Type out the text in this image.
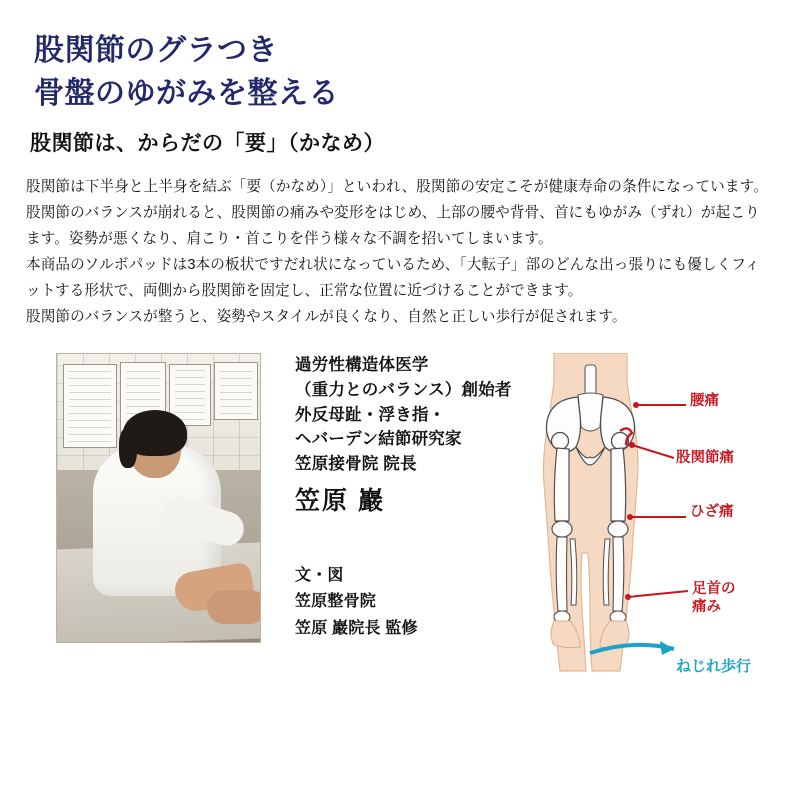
股関節のグラつき
骨盤のゆがみを整える
股関節は、からだの「要」（かなめ）

股関節は下半身と上半身を結ぶ「要（かなめ）」といわれ、股関節の安定こそが健康寿命の条件になっています。

股関節のバランスが崩れると、股関節の痛みや変形をはじめ、上部の腰や背骨、首にもゆがみ（ずれ）が起こります。姿勢が悪くなり、肩こり・首こりを伴う様々な不調を招いてしまいます。

本商品のソルボパッドは3本の板状ですだれ状になっているため、「大転子」部のどんな出っ張りにも優しくフィットする形状で、両側から股関節を固定し、正常な位置に近づけることができます。

股関節のバランスが整うと、姿勢やスタイルが良くなり、自然と正しい歩行が促されます。

過労性構造体医学
（重力とのバランス）創始者
外反母趾・浮き指・
ヘバーデン結節研究家
笠原接骨院 院長
笠原 巖
文・図
笠原整骨院
笠原 巖院長 監修
腰痛
股関節痛
ひざ痛
足首の
痛み
ねじれ歩行
